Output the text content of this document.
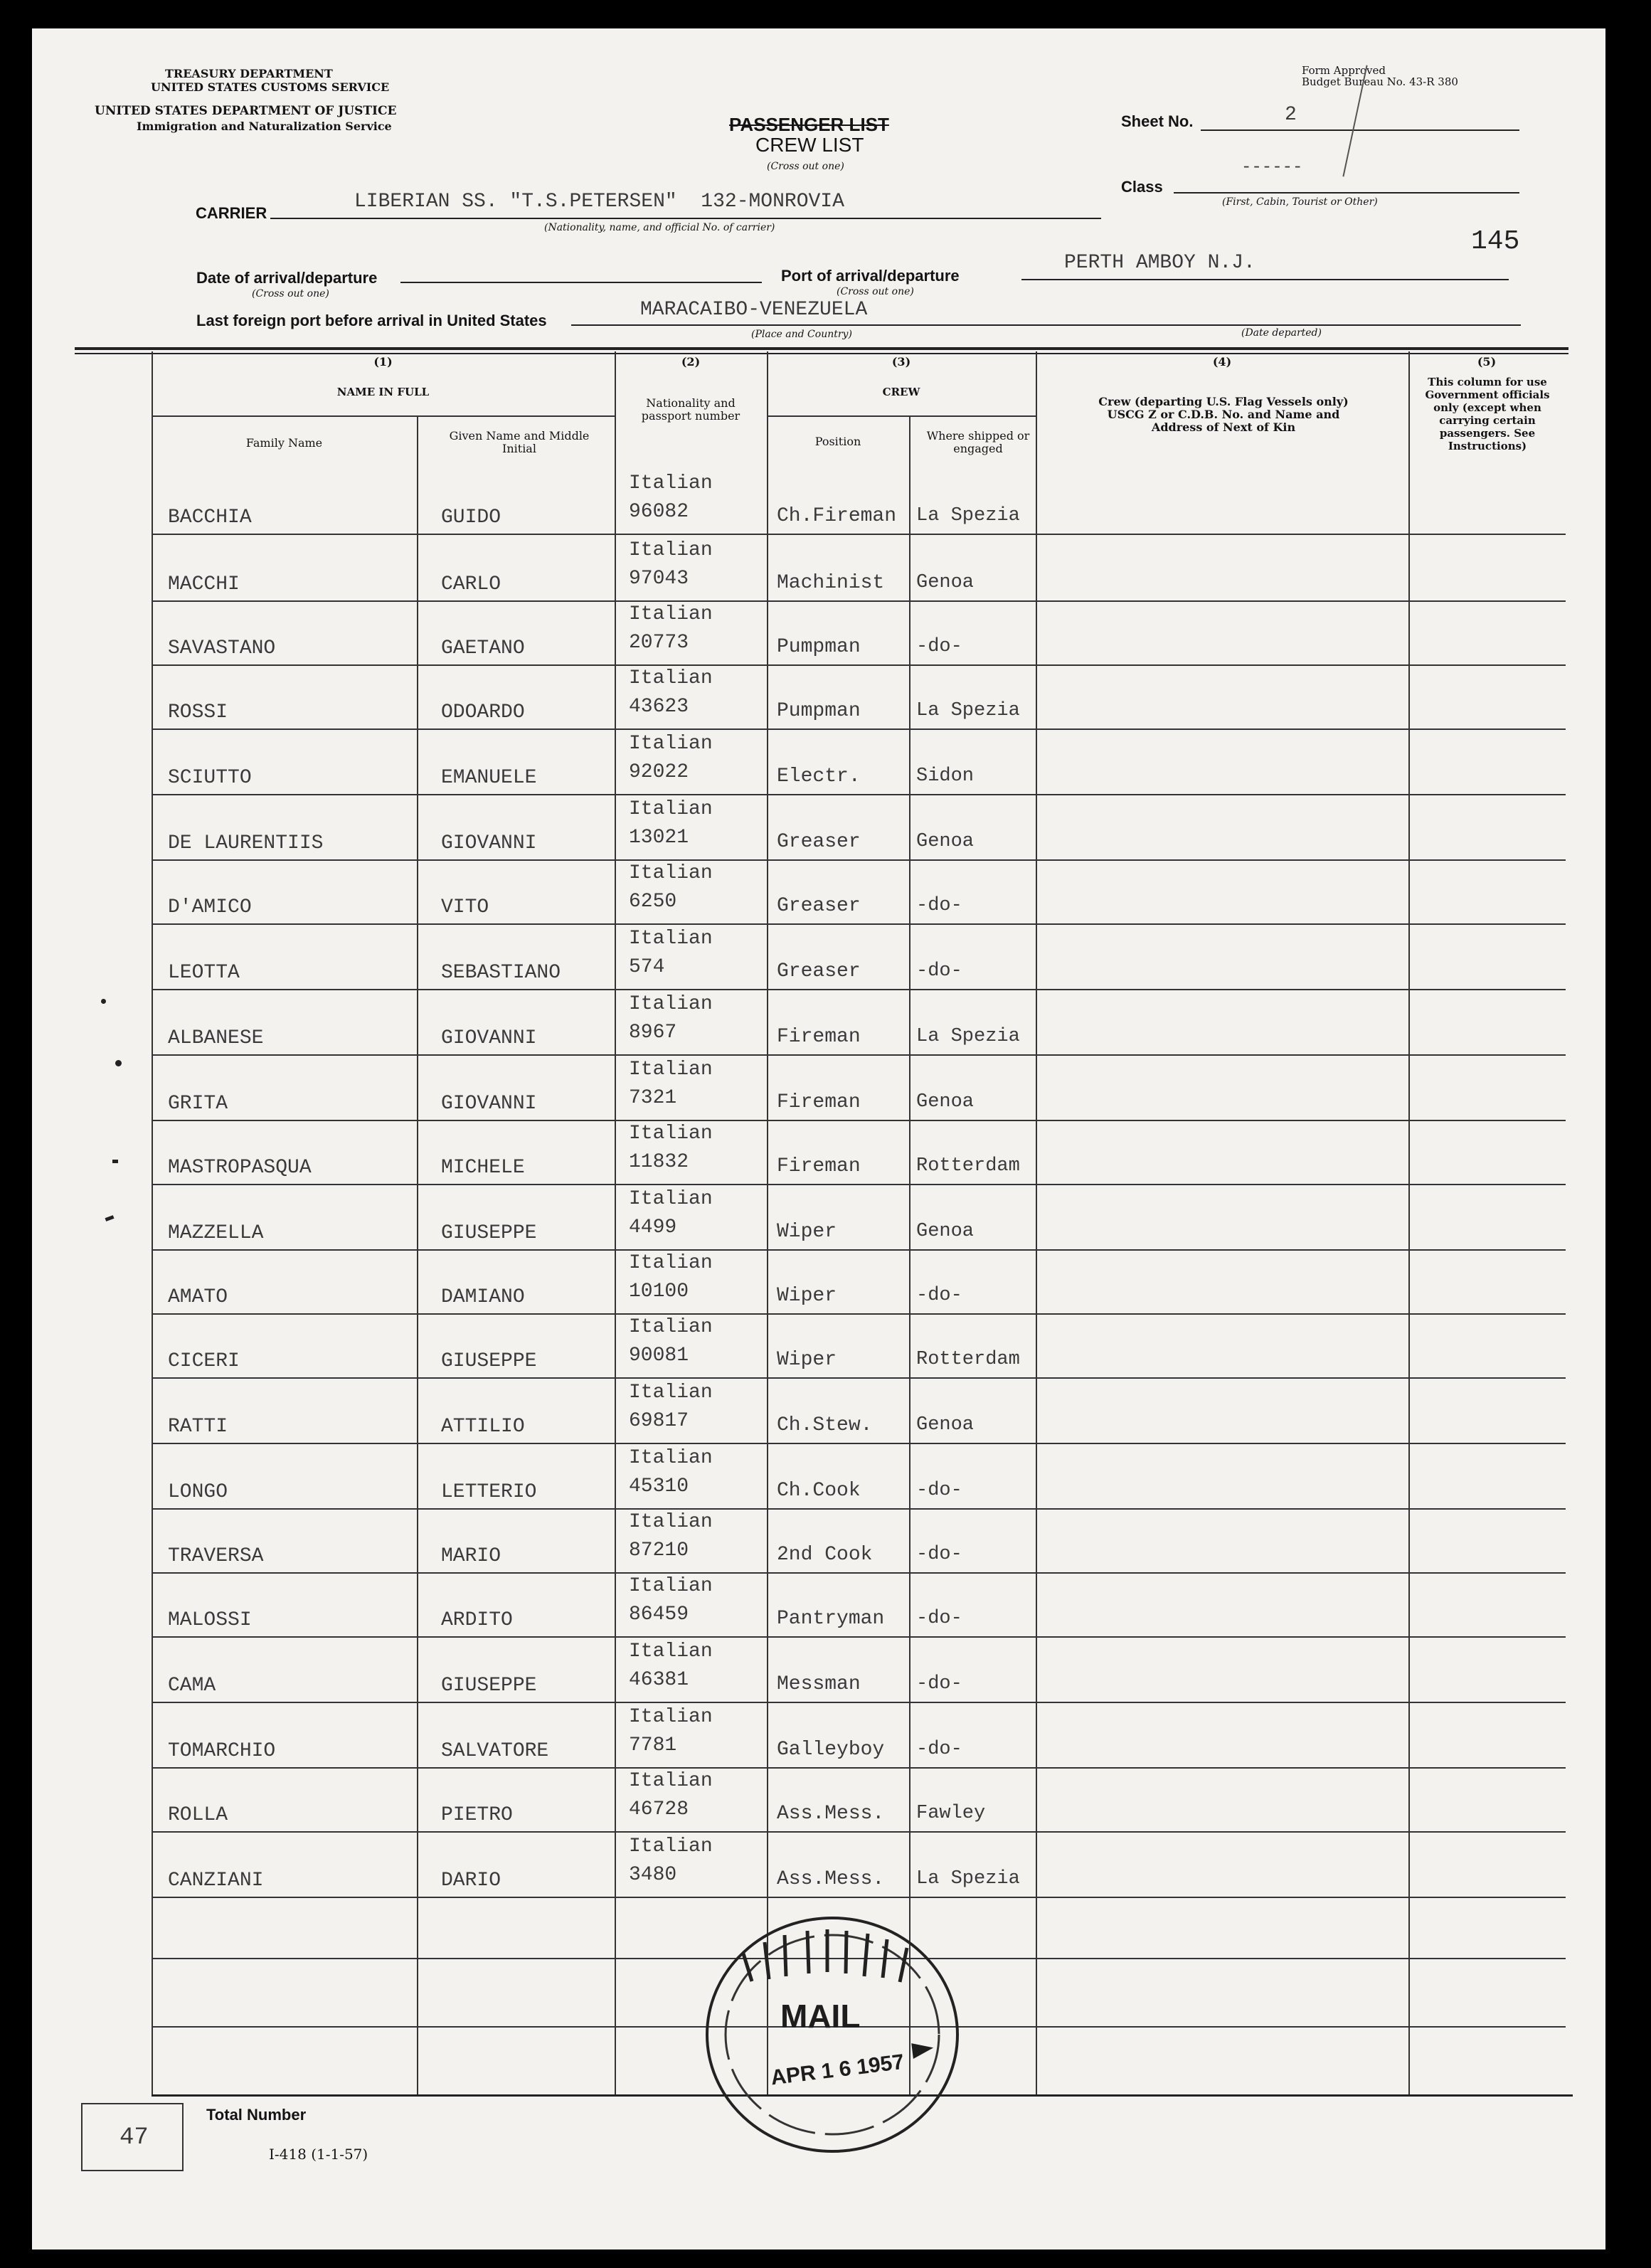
TREASURY DEPARTMENT
UNITED STATES CUSTOMS SERVICE
UNITED STATES DEPARTMENT OF JUSTICE
Immigration and Naturalization Service
Form Approved
Budget Bureau No. 43-R 380
PASSENGER LIST
CREW LIST
(Cross out one)
Sheet No.	2
Class
------
(First, Cabin, Tourist or Other)
CARRIER
LIBERIAN SS. "T.S.PETERSEN"  132-MONROVIA
(Nationality, name, and official No. of carrier)	145
Date of arrival/departure
(Cross out one)
Port of arrival/departure
(Cross out one)
PERTH AMBOY N.J.
Last foreign port before arrival in United States	MARACAIBO-VENEZUELA
(Place and Country)	(Date departed)
(1)
NAME IN FULL
Family Name
Given Name and Middle Initial
(2)
Nationality and passport number
(3)
CREW
Position	Where shipped or engaged
(4)
Crew (departing U.S. Flag Vessels only) USCG Z or C.D.B. No. and Name and Address of Next of Kin
(5)
This column for use Government officials only (except when carrying certain passengers. See Instructions)
BACCHIA	GUIDO
Italian
96082	Ch.Fireman La Spezia
MACCHI	CARLO
Italian
97043	Machinist Genoa
SAVASTANO	GAETANO
Italian
20773	Pumpman	-do-
ROSSI	ODOARDO
Italian
43623	Pumpman	La Spezia
SCIUTTO	EMANUELE
Italian
92022	Electr.	Sidon
DE LAURENTIIS	GIOVANNI
Italian
13021	Greaser	Genoa
D'AMICO	VITO
Italian
6250	Greaser	-do-
LEOTTA	SEBASTIANO
Italian
574	Greaser	-do-
ALBANESE	GIOVANNI
Italian
8967	Fireman	La Spezia
GRITA	GIOVANNI
Italian
7321	Fireman	Genoa
MASTROPASQUA	MICHELE
Italian
11832	Fireman	Rotterdam
MAZZELLA	GIUSEPPE
Italian
4499	Wiper	Genoa
AMATO	DAMIANO
Italian
10100	Wiper	-do-
CICERI	GIUSEPPE
Italian
90081	Wiper	Rotterdam
RATTI	ATTILIO
Italian
69817	Ch.Stew. Genoa
LONGO	LETTERIO
Italian
45310	Ch.Cook	-do-
TRAVERSA	MARIO
Italian
87210	2nd Cook -do-
MALOSSI	ARDITO
Italian
86459	Pantryman -do-
CAMA	GIUSEPPE
Italian
46381	Messman	-do-
TOMARCHIO	SALVATORE
Italian
7781	Galleyboy -do-
ROLLA	PIETRO
Italian
46728	Ass.Mess. Fawley
CANZIANI	DARIO
Italian
3480	Ass.Mess. La Spezia
47
Total Number
I-418 (1-1-57)
MAIL
APR 1 6 1957
